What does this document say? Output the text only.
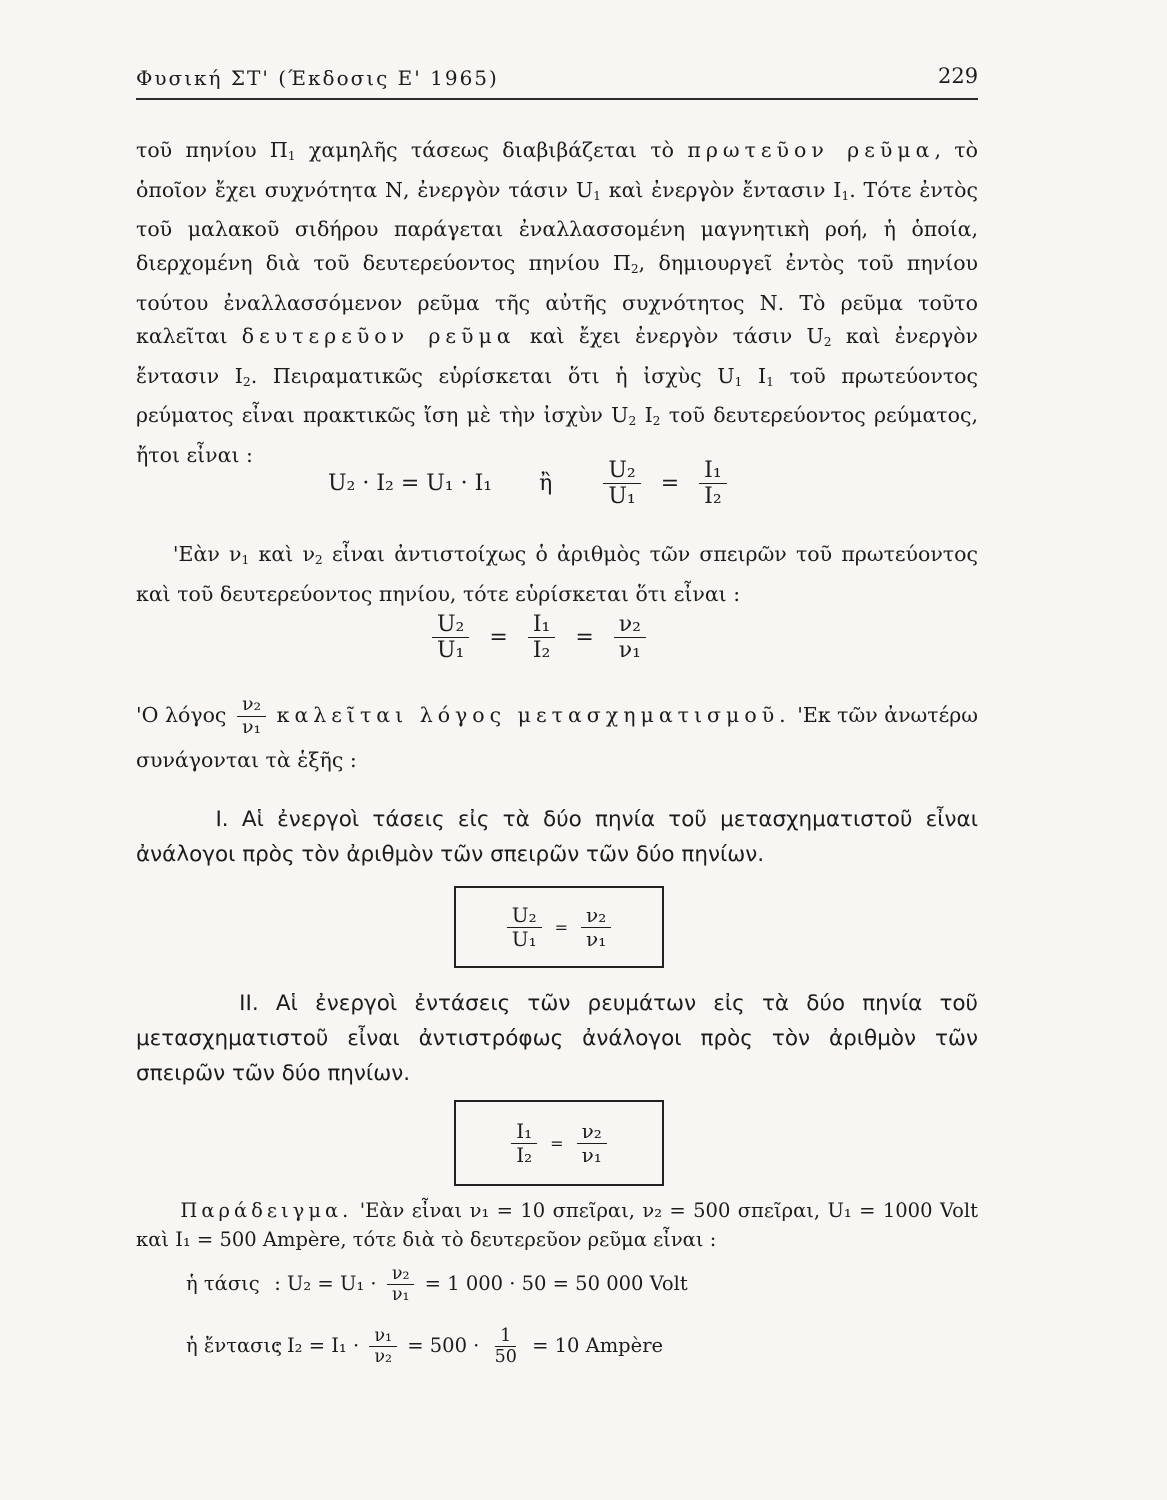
Φυσική ΣΤ' (Έκδοσις Ε' 1965)	229

τοῦ πηνίου $\Pi_1$ χαμηλῆς τάσεως διαβιβάζεται τὸ πρωτεῦον ρεῦμα, τὸ ὁποῖον ἔχει συχνότητα Ν, ἐνεργὸν τάσιν $U_1$ καὶ ἐνεργὸν ἔντασιν $I_1$. Τότε ἐντὸς τοῦ μαλακοῦ σιδήρου παράγεται ἐναλλασσομένη μαγνητικὴ ροή, ἡ ὁποία, διερχομένη διὰ τοῦ δευτερεύοντος πηνίου $\Pi_2$, δημιουργεῖ ἐντὸς τοῦ πηνίου τούτου ἐναλλασσόμενον ρεῦμα τῆς αὐτῆς συχνότητος Ν. Τὸ ρεῦμα τοῦτο καλεῖται δευτερεῦον ρεῦμα καὶ ἔχει ἐνεργὸν τάσιν $U_2$ καὶ ἐνεργὸν ἔντασιν $I_2$. Πειραματικῶς εὑρίσκεται ὅτι ἡ ἰσχὺς $U_1$ $I_1$ τοῦ πρωτεύοντος ρεύματος εἶναι πρακτικῶς ἴση μὲ τὴν ἰσχὺν $U_2$ $I_2$ τοῦ δευτερεύοντος ρεύματος, ἤτοι εἶναι :

U₂ · I₂ = U₁ · I₁ ἢ $\frac{\text{U₂}}{\text{U₁}} = \frac{\text{I₁}}{\text{I₂}}$

'Εὰν $\nu_1$ καὶ $\nu_2$ εἶναι ἀντιστοίχως ὁ ἀριθμὸς τῶν σπειρῶν τοῦ πρωτεύοντος καὶ τοῦ δευτερεύοντος πηνίου, τότε εὑρίσκεται ὅτι εἶναι :

$\frac{\text{U₂}}{\text{U₁}} = \frac{\text{I₁}}{\text{I₂}} = \frac{\text{ν₂}}{\text{ν₁}}$

'Ο λόγος $\frac{\text{ν₂}}{\text{ν₁}}$ καλεῖται λόγος μετασχηματισμοῦ. 'Εκ τῶν ἀνωτέρω συνάγονται τὰ ἑξῆς :

Ι. Αἱ ἐνεργοὶ τάσεις εἰς τὰ δύο πηνία τοῦ μετασχηματιστοῦ εἶναι ἀνάλογοι πρὸς τὸν ἀριθμὸν τῶν σπειρῶν τῶν δύο πηνίων.

$\frac{\text{U₂}}{\text{U₁}} = \frac{\text{ν₂}}{\text{ν₁}}$

ΙΙ. Αἱ ἐνεργοὶ ἐντάσεις τῶν ρευμάτων εἰς τὰ δύο πηνία τοῦ μετασχηματιστοῦ εἶναι ἀντιστρόφως ἀνάλογοι πρὸς τὸν ἀριθμὸν τῶν σπειρῶν τῶν δύο πηνίων.

$\frac{\text{I₁}}{\text{I₂}} = \frac{\text{ν₂}}{\text{ν₁}}$

Παράδειγμα. 'Εὰν εἶναι ν₁ = 10 σπεῖραι, ν₂ = 500 σπεῖραι, U₁ = 1000 Volt καὶ I₁ = 500 Ampère, τότε διὰ τὸ δευτερεῦον ρεῦμα εἶναι :

ἡ τάσις : $U_2 = U_1 \cdot \frac{\text{ν₂}}{\text{ν₁}} = 1$ 000 · 50 = 50 000 Volt
ἡ ἔντασις : $I_2 = I_1 \cdot \frac{\text{ν₁}}{\text{ν₂}} = 500 \cdot \frac{1}{50} = 10$ Ampère
